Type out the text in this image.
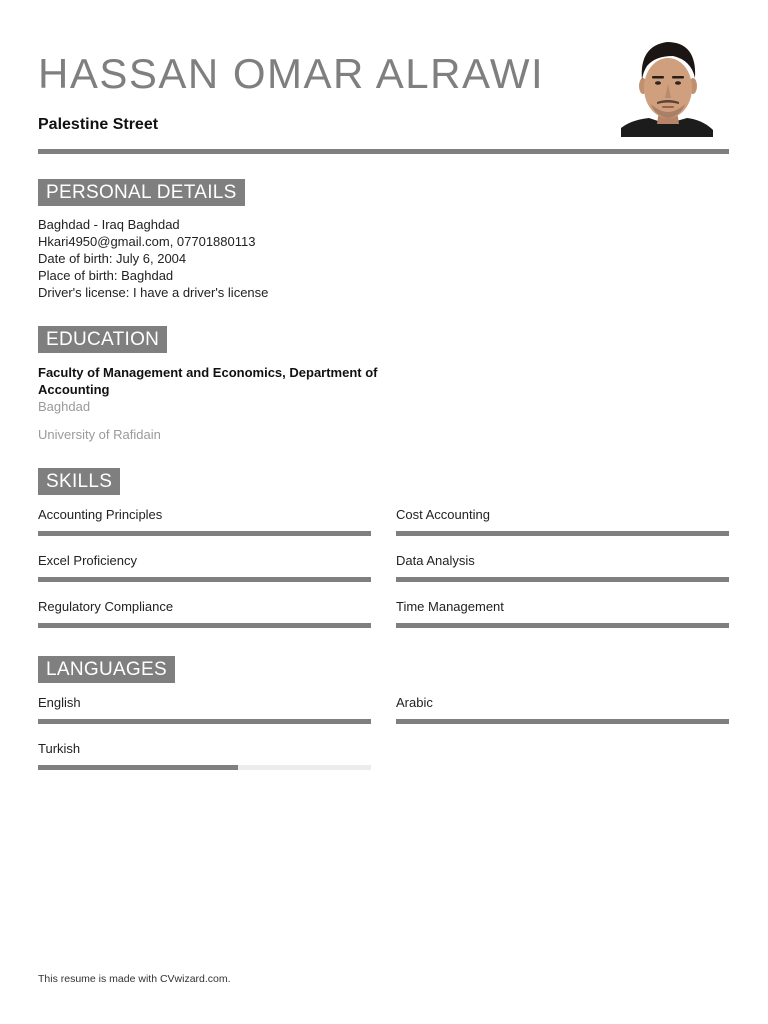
HASSAN OMAR ALRAWI

Palestine Street

PERSONAL DETAILS
Baghdad - Iraq Baghdad
Hkari4950@gmail.com, 07701880113
Date of birth: July 6, 2004
Place of birth: Baghdad
Driver's license: I have a driver's license
EDUCATION

Faculty of Management and Economics, Department of Accounting

Baghdad
University of Rafidain
SKILLS
Accounting Principles	Cost Accounting
Excel Proficiency	Data Analysis
Regulatory Compliance	Time Management
LANGUAGES
English	Arabic
Turkish
This resume is made with CVwizard.com.
